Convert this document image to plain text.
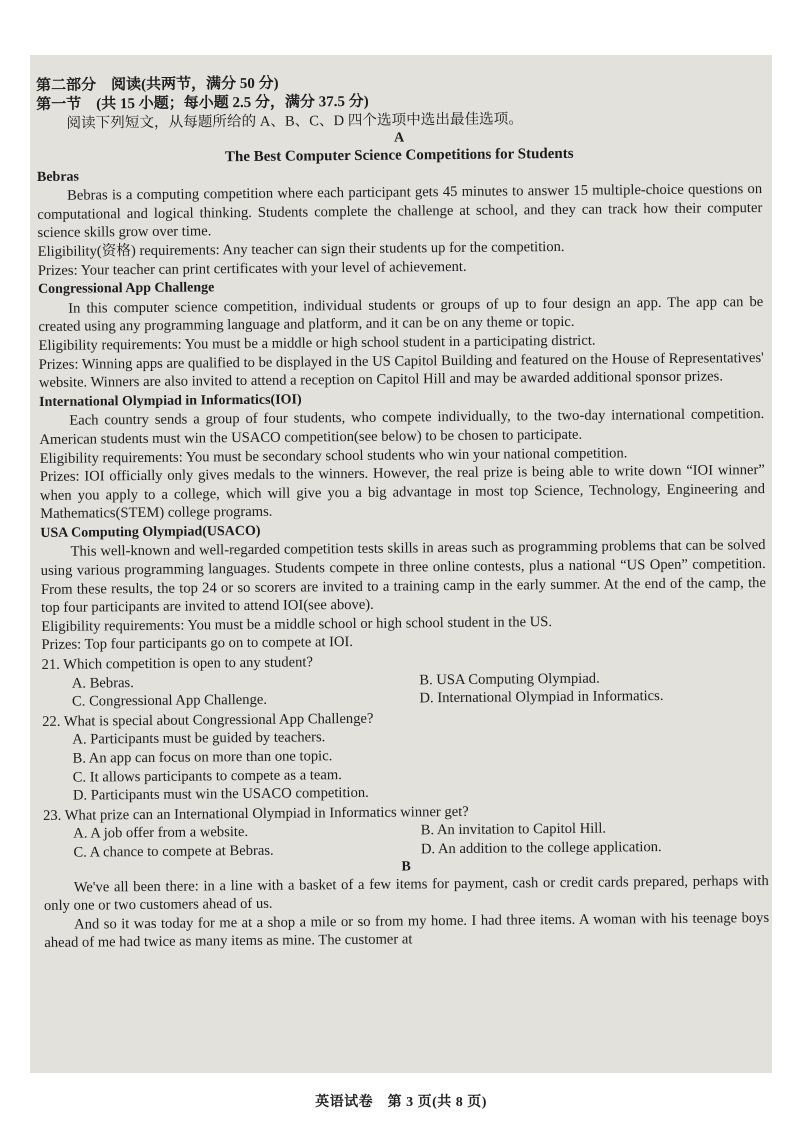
第二部分　阅读(共两节，满分 50 分)
第一节　(共 15 小题；每小题 2.5 分，满分 37.5 分)
阅读下列短文，从每题所给的 A、B、C、D 四个选项中选出最佳选项。
A
The Best Computer Science Competitions for Students
Bebras
Bebras is a computing competition where each participant gets 45 minutes to answer 15 multiple-choice questions on computational and logical thinking. Students complete the challenge at school, and they can track how their computer science skills grow over time.
Eligibility(资格) requirements: Any teacher can sign their students up for the competition.
Prizes: Your teacher can print certificates with your level of achievement.
Congressional App Challenge
In this computer science competition, individual students or groups of up to four design an app. The app can be created using any programming language and platform, and it can be on any theme or topic.
Eligibility requirements: You must be a middle or high school student in a participating district.
Prizes: Winning apps are qualified to be displayed in the US Capitol Building and featured on the House of Representatives' website. Winners are also invited to attend a reception on Capitol Hill and may be awarded additional sponsor prizes.
International Olympiad in Informatics(IOI)
Each country sends a group of four students, who compete individually, to the two-day international competition. American students must win the USACO competition(see below) to be chosen to participate.
Eligibility requirements: You must be secondary school students who win your national competition.
Prizes: IOI officially only gives medals to the winners. However, the real prize is being able to write down “IOI winner” when you apply to a college, which will give you a big advantage in most top Science, Technology, Engineering and Mathematics(STEM) college programs.
USA Computing Olympiad(USACO)
This well-known and well-regarded competition tests skills in areas such as programming problems that can be solved using various programming languages. Students compete in three online contests, plus a national “US Open” competition. From these results, the top 24 or so scorers are invited to a training camp in the early summer. At the end of the camp, the top four participants are invited to attend IOI(see above).
Eligibility requirements: You must be a middle school or high school student in the US.
Prizes: Top four participants go on to compete at IOI.
21. Which competition is open to any student?
A. Bebras.	B. USA Computing Olympiad.
C. Congressional App Challenge.	D. International Olympiad in Informatics.
22. What is special about Congressional App Challenge?
A. Participants must be guided by teachers.
B. An app can focus on more than one topic.
C. It allows participants to compete as a team.
D. Participants must win the USACO competition.
23. What prize can an International Olympiad in Informatics winner get?
A. A job offer from a website.	B. An invitation to Capitol Hill.
C. A chance to compete at Bebras.	D. An addition to the college application.
B
We've all been there: in a line with a basket of a few items for payment, cash or credit cards prepared, perhaps with only one or two customers ahead of us.
And so it was today for me at a shop a mile or so from my home. I had three items. A woman with his teenage boys ahead of me had twice as many items as mine. The customer at
英语试卷　第 3 页(共 8 页)
